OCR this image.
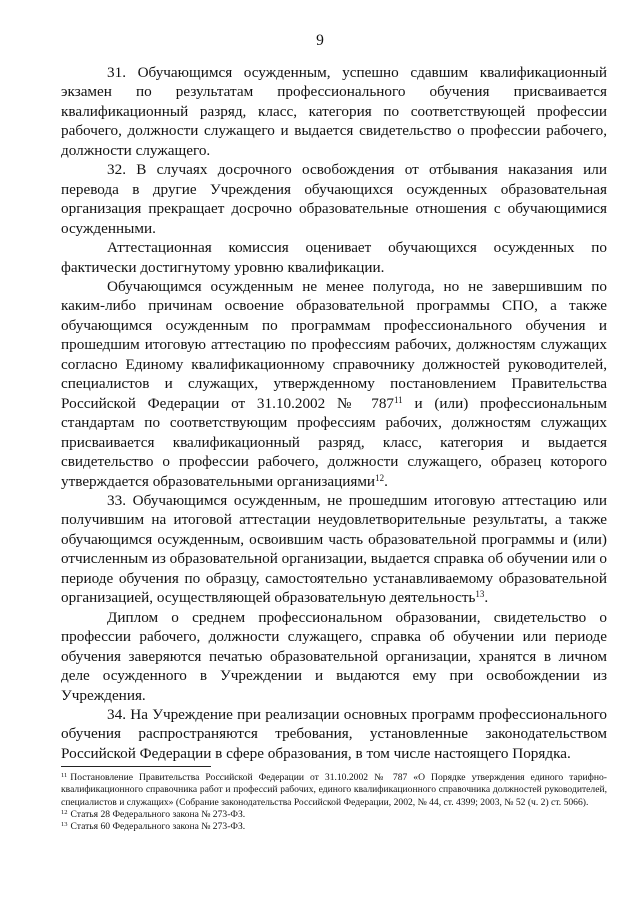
9

31. Обучающимся осужденным, успешно сдавшим квалификационный экзамен по результатам профессионального обучения присваивается квалификационный разряд, класс, категория по соответствующей профессии рабочего, должности служащего и выдается свидетельство о профессии рабочего, должности служащего.

32. В случаях досрочного освобождения от отбывания наказания или перевода в другие Учреждения обучающихся осужденных образовательная организация прекращает досрочно образовательные отношения с обучающимися осужденными.

Аттестационная комиссия оценивает обучающихся осужденных по фактически достигнутому уровню квалификации.

Обучающимся осужденным не менее полугода, но не завершившим по каким-либо причинам освоение образовательной программы СПО, а также обучающимся осужденным по программам профессионального обучения и прошедшим итоговую аттестацию по профессиям рабочих, должностям служащих согласно Единому квалификационному справочнику должностей руководителей, специалистов и служащих, утвержденному постановлением Правительства Российской Федерации от 31.10.2002 № $787^{11}$ и (или) профессиональным стандартам по соответствующим профессиям рабочих, должностям служащих присваивается квалификационный разряд, класс, категория и выдается свидетельство о профессии рабочего, должности служащего, образец которого утверждается образовательными организациями$^{12}$.

33. Обучающимся осужденным, не прошедшим итоговую аттестацию или получившим на итоговой аттестации неудовлетворительные результаты, а также обучающимся осужденным, освоившим часть образовательной программы и (или) отчисленным из образовательной организации, выдается справка об обучении или о периоде обучения по образцу, самостоятельно устанавливаемому образовательной организацией, осуществляющей образовательную деятельность$^{13}$.

Диплом о среднем профессиональном образовании, свидетельство о профессии рабочего, должности служащего, справка об обучении или периоде обучения заверяются печатью образовательной организации, хранятся в личном деле осужденного в Учреждении и выдаются ему при освобождении из Учреждения.

34. На Учреждение при реализации основных программ профессионального обучения распространяются требования, установленные законодательством Российской Федерации в сфере образования, в том числе настоящего Порядка.

$^{11}$ Постановление Правительства Российской Федерации от 31.10.2002 № 787 «О Порядке утверждения единого тарифно-квалификационного справочника работ и профессий рабочих, единого квалификационного справочника должностей руководителей, специалистов и служащих» (Собрание законодательства Российской Федерации, 2002, № 44, ст. 4399; 2003, № 52 (ч. 2) ст. 5066).

$^{12}$ Статья 28 Федерального закона № 273-ФЗ.

$^{13}$ Статья 60 Федерального закона № 273-ФЗ.
